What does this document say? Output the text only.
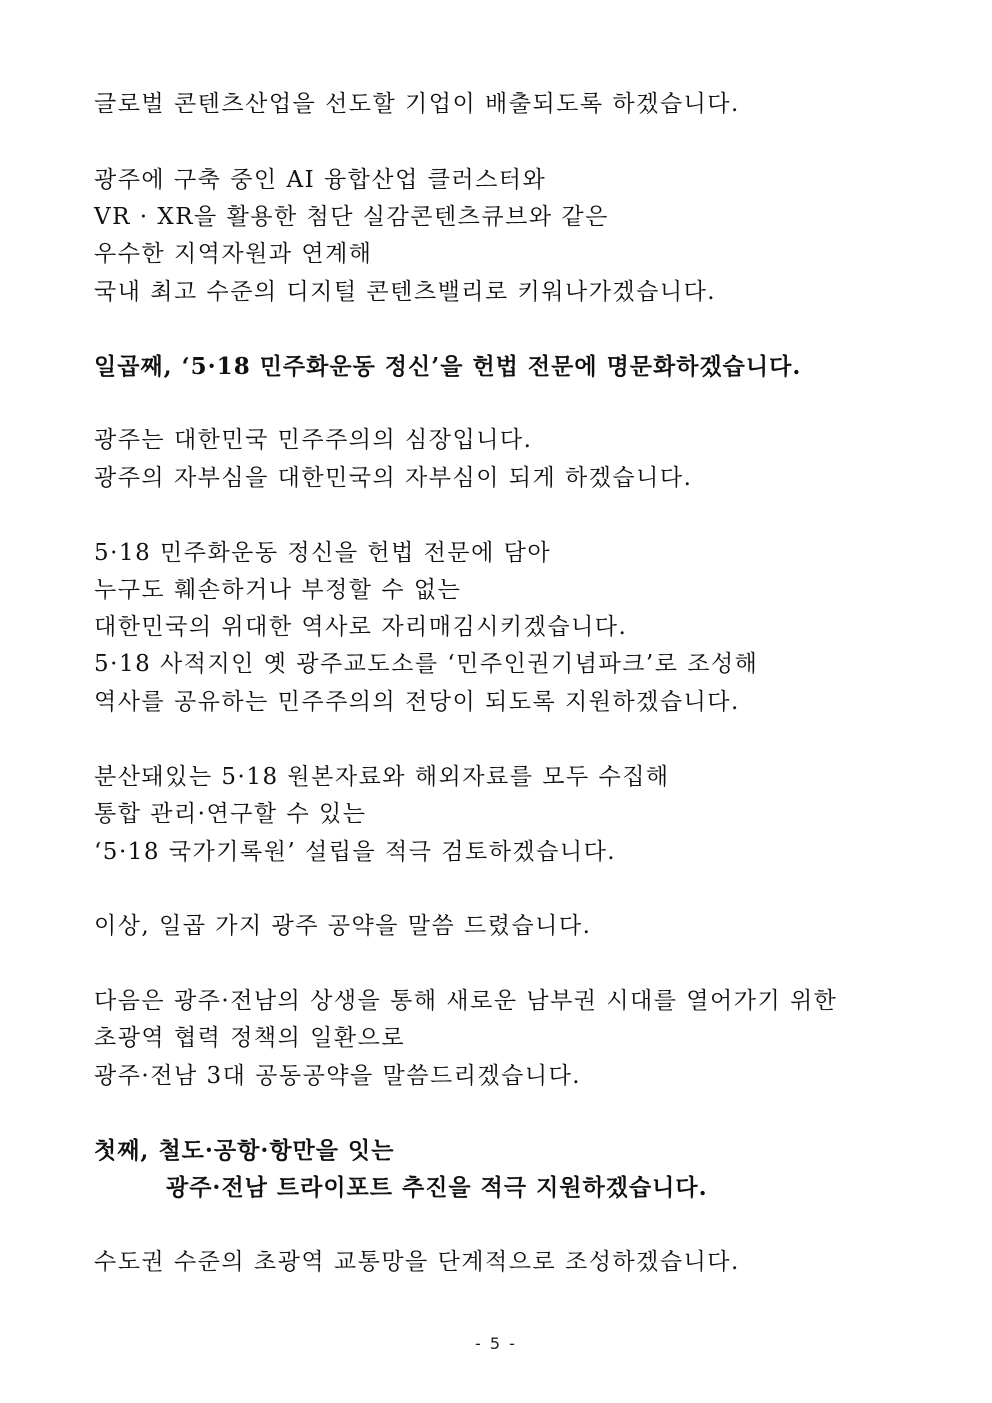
글로벌 콘텐츠산업을 선도할 기업이 배출되도록 하겠습니다.
광주에 구축 중인 AI 융합산업 클러스터와
VR · XR을 활용한 첨단 실감콘텐츠큐브와 같은
우수한 지역자원과 연계해
국내 최고 수준의 디지털 콘텐츠밸리로 키워나가겠습니다.
일곱째, ‘5·18 민주화운동 정신’을 헌법 전문에 명문화하겠습니다.
광주는 대한민국 민주주의의 심장입니다.
광주의 자부심을 대한민국의 자부심이 되게 하겠습니다.
5·18 민주화운동 정신을 헌법 전문에 담아
누구도 훼손하거나 부정할 수 없는
대한민국의 위대한 역사로 자리매김시키겠습니다.
5·18 사적지인 옛 광주교도소를 ‘민주인권기념파크’로 조성해
역사를 공유하는 민주주의의 전당이 되도록 지원하겠습니다.
분산돼있는 5·18 원본자료와 해외자료를 모두 수집해
통합 관리·연구할 수 있는
‘5·18 국가기록원’ 설립을 적극 검토하겠습니다.
이상, 일곱 가지 광주 공약을 말씀 드렸습니다.
다음은 광주·전남의 상생을 통해 새로운 남부권 시대를 열어가기 위한
초광역 협력 정책의 일환으로
광주·전남 3대 공동공약을 말씀드리겠습니다.
첫째, 철도·공항·항만을 잇는
광주·전남 트라이포트 추진을 적극 지원하겠습니다.
수도권 수준의 초광역 교통망을 단계적으로 조성하겠습니다.
- 5 -
